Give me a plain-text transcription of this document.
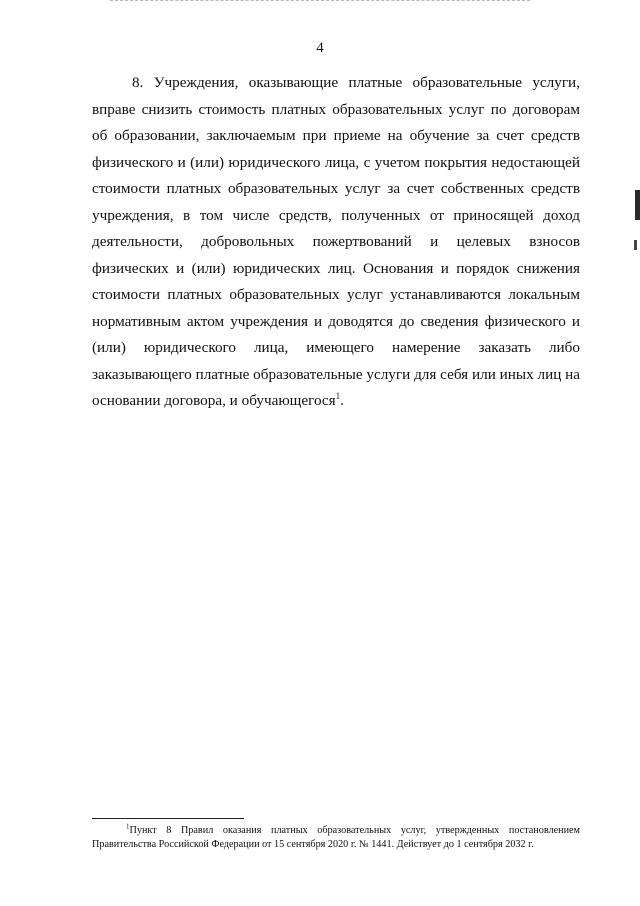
4

8. Учреждения, оказывающие платные образовательные услуги, вправе снизить стоимость платных образовательных услуг по договорам об образовании, заключаемым при приеме на обучение за счет средств физического и (или) юридического лица, с учетом покрытия недостающей стоимости платных образовательных услуг за счет собственных средств учреждения, в том числе средств, полученных от приносящей доход деятельности, добровольных пожертвований и целевых взносов физических и (или) юридических лиц. Основания и порядок снижения стоимости платных образовательных услуг устанавливаются локальным нормативным актом учреждения и доводятся до сведения физического и (или) юридического лица, имеющего намерение заказать либо заказывающего платные образовательные услуги для себя или иных лиц на основании договора, и обучающегося$^1$.

$^1$Пункт 8 Правил оказания платных образовательных услуг, утвержденных постановлением Правительства Российской Федерации от 15 сентября 2020 г. № 1441. Действует до 1 сентября 2032 г.
